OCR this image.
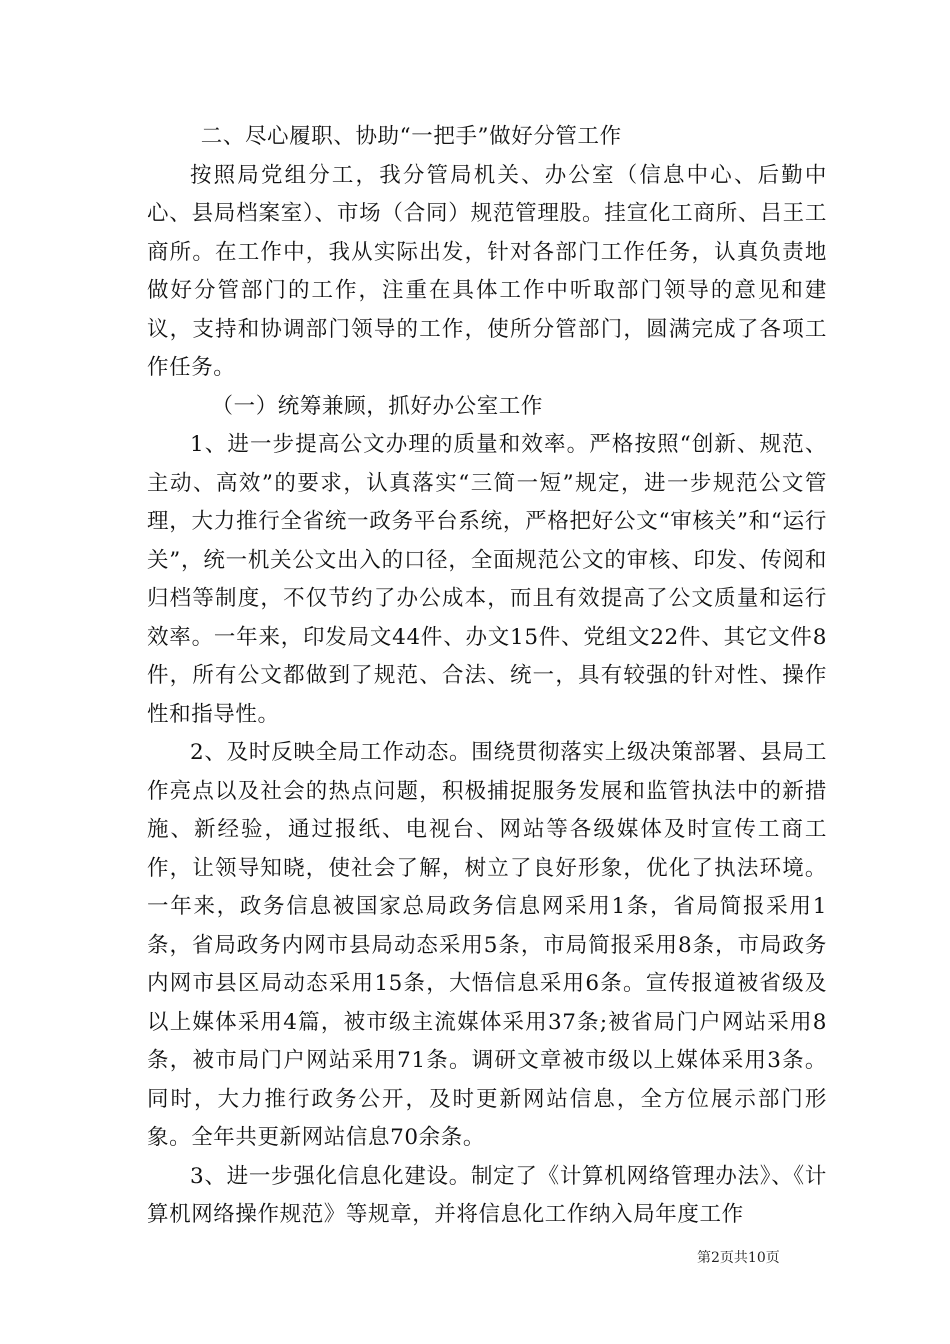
二、尽心履职、协助“一把手”做好分管工作

按照局党组分工，我分管局机关、办公室（信息中心、后勤中心、县局档案室）、市场（合同）规范管理股。挂宣化工商所、吕王工商所。在工作中，我从实际出发，针对各部门工作任务，认真负责地做好分管部门的工作，注重在具体工作中听取部门领导的意见和建议，支持和协调部门领导的工作，使所分管部门，圆满完成了各项工作任务。

（一）统筹兼顾，抓好办公室工作

1、进一步提高公文办理的质量和效率。严格按照“创新、规范、主动、高效”的要求，认真落实“三简一短”规定，进一步规范公文管理，大力推行全省统一政务平台系统，严格把好公文“审核关”和“运行关”，统一机关公文出入的口径，全面规范公文的审核、印发、传阅和归档等制度，不仅节约了办公成本，而且有效提高了公文质量和运行效率。一年来，印发局文44件、办文15件、党组文22件、其它文件8件，所有公文都做到了规范、合法、统一，具有较强的针对性、操作性和指导性。

2、及时反映全局工作动态。围绕贯彻落实上级决策部署、县局工作亮点以及社会的热点问题，积极捕捉服务发展和监管执法中的新措施、新经验，通过报纸、电视台、网站等各级媒体及时宣传工商工作，让领导知晓，使社会了解，树立了良好形象，优化了执法环境。一年来，政务信息被国家总局政务信息网采用1条，省局简报采用1条，省局政务内网市县局动态采用5条，市局简报采用8条，市局政务内网市县区局动态采用15条，大悟信息采用6条。宣传报道被省级及以上媒体采用4篇，被市级主流媒体采用37条;被省局门户网站采用8条，被市局门户网站采用71条。调研文章被市级以上媒体采用3条。同时，大力推行政务公开，及时更新网站信息，全方位展示部门形象。全年共更新网站信息70余条。

3、进一步强化信息化建设。制定了《计算机网络管理办法》、《计算机网络操作规范》等规章，并将信息化工作纳入局年度工作

第2页共10页
